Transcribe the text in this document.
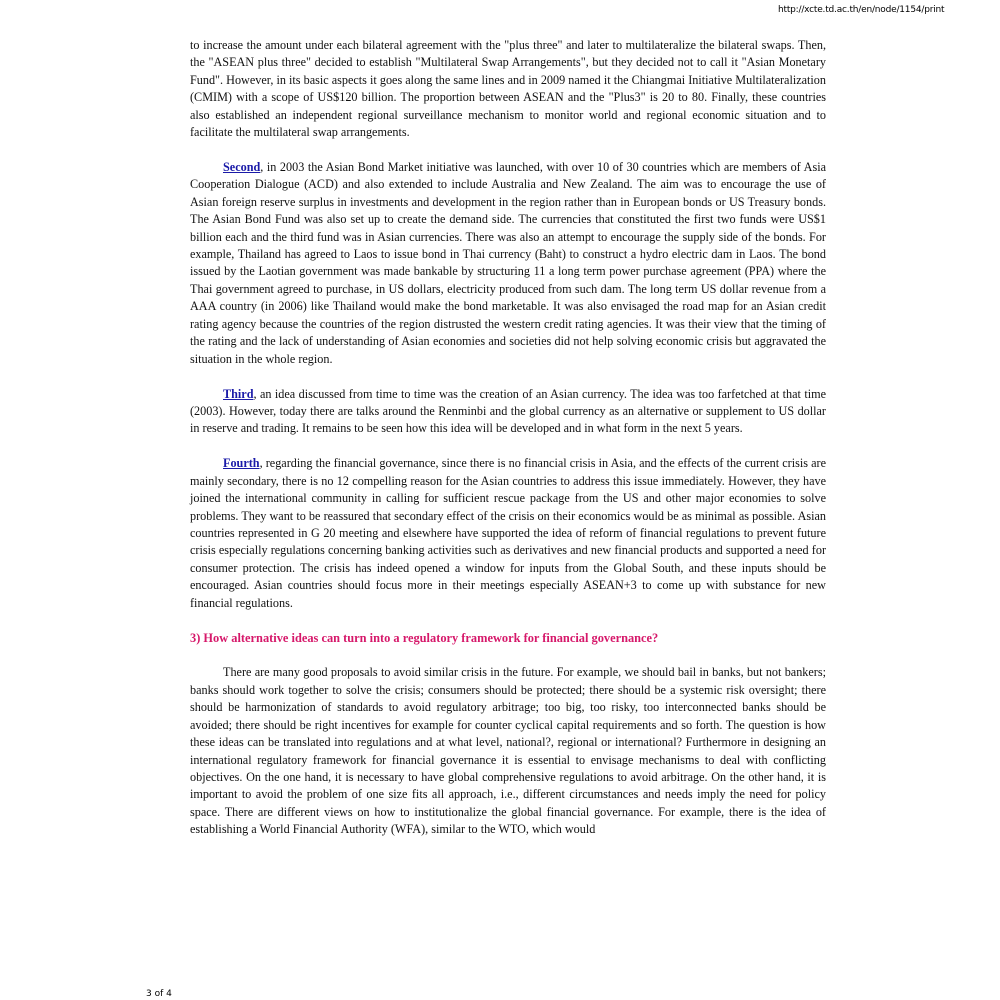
http://xcte.td.ac.th/en/node/1154/print

to increase the amount under each bilateral agreement with the "plus three" and later to multilateralize the bilateral swaps. Then, the "ASEAN plus three" decided to establish "Multilateral Swap Arrangements", but they decided not to call it "Asian Monetary Fund". However, in its basic aspects it goes along the same lines and in 2009 named it the Chiangmai Initiative Multilateralization (CMIM) with a scope of US$120 billion. The proportion between ASEAN and the "Plus3" is 20 to 80. Finally, these countries also established an independent regional surveillance mechanism to monitor world and regional economic situation and to facilitate the multilateral swap arrangements.

Second, in 2003 the Asian Bond Market initiative was launched, with over 10 of 30 countries which are members of Asia Cooperation Dialogue (ACD) and also extended to include Australia and New Zealand. The aim was to encourage the use of Asian foreign reserve surplus in investments and development in the region rather than in European bonds or US Treasury bonds. The Asian Bond Fund was also set up to create the demand side. The currencies that constituted the first two funds were US$1 billion each and the third fund was in Asian currencies. There was also an attempt to encourage the supply side of the bonds. For example, Thailand has agreed to Laos to issue bond in Thai currency (Baht) to construct a hydro electric dam in Laos. The bond issued by the Laotian government was made bankable by structuring 11 a long term power purchase agreement (PPA) where the Thai government agreed to purchase, in US dollars, electricity produced from such dam. The long term US dollar revenue from a AAA country (in 2006) like Thailand would make the bond marketable. It was also envisaged the road map for an Asian credit rating agency because the countries of the region distrusted the western credit rating agencies. It was their view that the timing of the rating and the lack of understanding of Asian economies and societies did not help solving economic crisis but aggravated the situation in the whole region.

Third, an idea discussed from time to time was the creation of an Asian currency. The idea was too farfetched at that time (2003). However, today there are talks around the Renminbi and the global currency as an alternative or supplement to US dollar in reserve and trading. It remains to be seen how this idea will be developed and in what form in the next 5 years.

Fourth, regarding the financial governance, since there is no financial crisis in Asia, and the effects of the current crisis are mainly secondary, there is no 12 compelling reason for the Asian countries to address this issue immediately. However, they have joined the international community in calling for sufficient rescue package from the US and other major economies to solve problems. They want to be reassured that secondary effect of the crisis on their economics would be as minimal as possible. Asian countries represented in G 20 meeting and elsewhere have supported the idea of reform of financial regulations to prevent future crisis especially regulations concerning banking activities such as derivatives and new financial products and supported a need for consumer protection. The crisis has indeed opened a window for inputs from the Global South, and these inputs should be encouraged. Asian countries should focus more in their meetings especially ASEAN+3 to come up with substance for new financial regulations.

3) How alternative ideas can turn into a regulatory framework for financial governance?

There are many good proposals to avoid similar crisis in the future. For example, we should bail in banks, but not bankers; banks should work together to solve the crisis; consumers should be protected; there should be a systemic risk oversight; there should be harmonization of standards to avoid regulatory arbitrage; too big, too risky, too interconnected banks should be avoided; there should be right incentives for example for counter cyclical capital requirements and so forth. The question is how these ideas can be translated into regulations and at what level, national?, regional or international? Furthermore in designing an international regulatory framework for financial governance it is essential to envisage mechanisms to deal with conflicting objectives. On the one hand, it is necessary to have global comprehensive regulations to avoid arbitrage. On the other hand, it is important to avoid the problem of one size fits all approach, i.e., different circumstances and needs imply the need for policy space. There are different views on how to institutionalize the global financial governance. For example, there is the idea of establishing a World Financial Authority (WFA), similar to the WTO, which would

3 of 4
